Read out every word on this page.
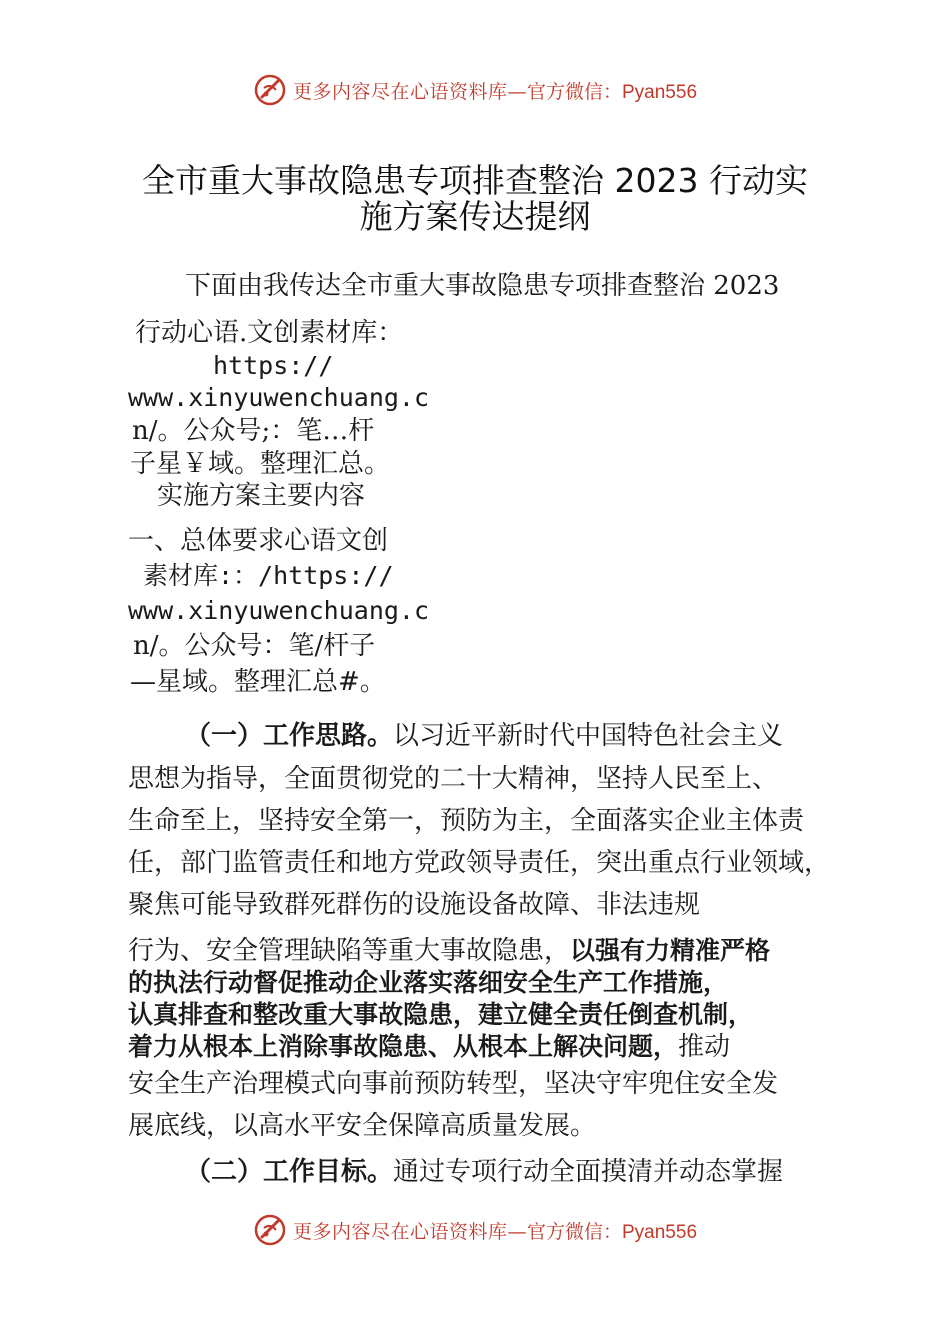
更多内容尽在心语资料库— 官方微信：Pyan556
全市重大事故隐患专项排查整治 2023 行动实
施方案传达提纲
下面由我传达全市重大事故隐患专项排查整治 2023
行动心语.文创素材库：
https://
www.xinyuwenchuang.c
n/。公众号;：笔…杆
子星￥域。整理汇总。
实施方案主要内容
一、总体要求心语文创
素材库:：/https://
www.xinyuwenchuang.c
n/。公众号：笔/杆子
—星域。整理汇总#。
（一）工作思路。以习近平新时代中国特色社会主义
思想为指导，全面贯彻党的二十大精神，坚持人民至上、
生命至上，坚持安全第一，预防为主，全面落实企业主体责
任，部门监管责任和地方党政领导责任，突出重点行业领域，
聚焦可能导致群死群伤的设施设备故障、非法违规
行为、安全管理缺陷等重大事故隐患，以强有力精准严格
的执法行动督促推动企业落实落细安全生产工作措施，
认真排查和整改重大事故隐患，建立健全责任倒查机制，
着力从根本上消除事故隐患、从根本上解决问题，推动
安全生产治理模式向事前预防转型，坚决守牢兜住安全发
展底线，以高水平安全保障高质量发展。
（二）工作目标。通过专项行动全面摸清并动态掌握
更多内容尽在心语资料库— 官方微信：Pyan556
